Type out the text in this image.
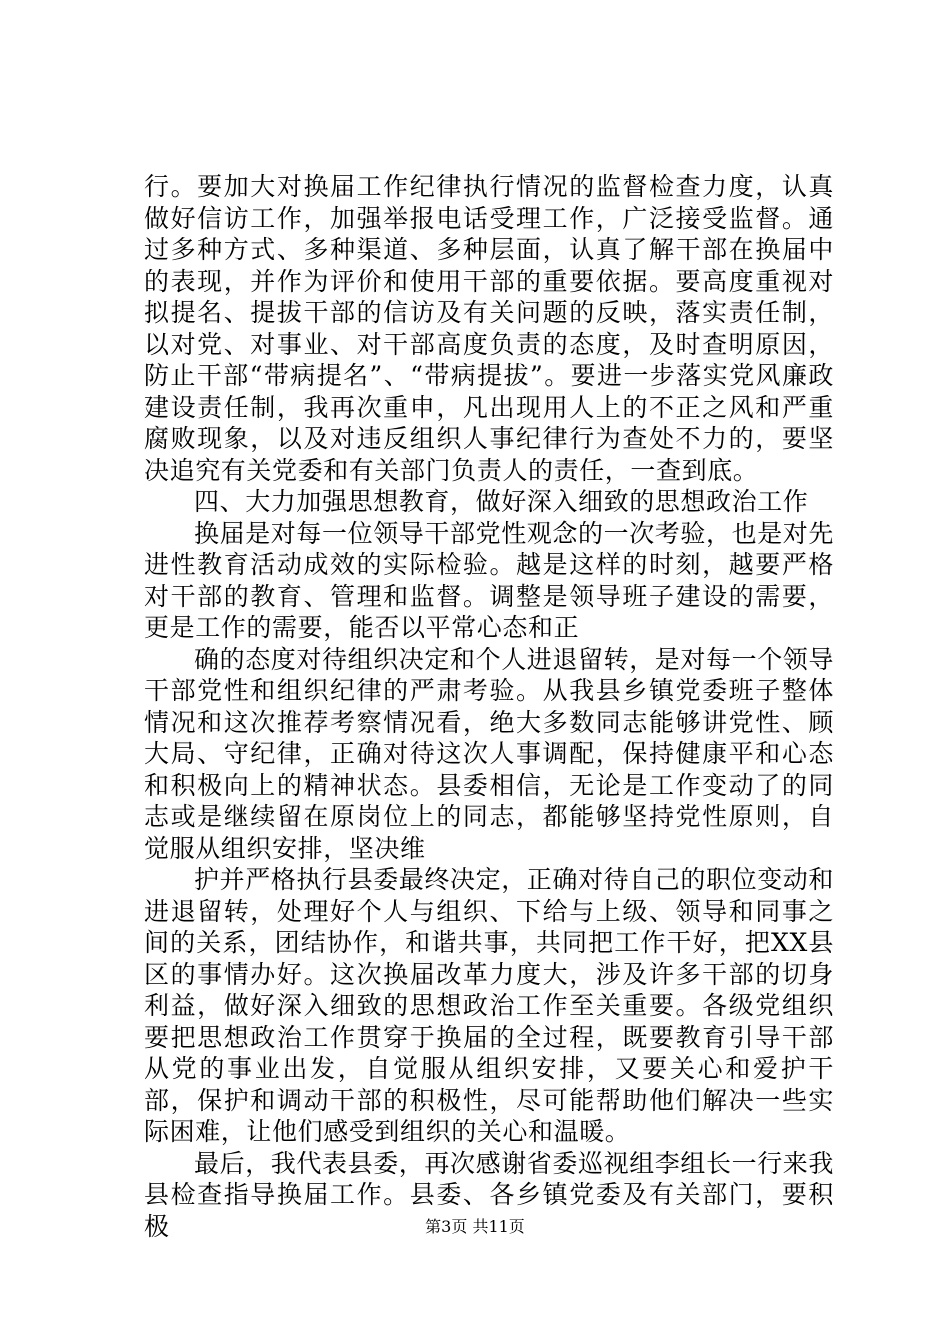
行。要加大对换届工作纪律执行情况的监督检查力度，认真做好信访工作，加强举报电话受理工作，广泛接受监督。通过多种方式、多种渠道、多种层面，认真了解干部在换届中的表现，并作为评价和使用干部的重要依据。要高度重视对拟提名、提拔干部的信访及有关问题的反映，落实责任制，以对党、对事业、对干部高度负责的态度，及时查明原因，防止干部“带病提名”、“带病提拔”。要进一步落实党风廉政建设责任制，我再次重申，凡出现用人上的不正之风和严重腐败现象，以及对违反组织人事纪律行为查处不力的，要坚决追究有关党委和有关部门负责人的责任，一查到底。

四、大力加强思想教育，做好深入细致的思想政治工作

换届是对每一位领导干部党性观念的一次考验，也是对先进性教育活动成效的实际检验。越是这样的时刻，越要严格对干部的教育、管理和监督。调整是领导班子建设的需要，更是工作的需要，能否以平常心态和正

确的态度对待组织决定和个人进退留转，是对每一个领导干部党性和组织纪律的严肃考验。从我县乡镇党委班子整体情况和这次推荐考察情况看，绝大多数同志能够讲党性、顾大局、守纪律，正确对待这次人事调配，保持健康平和心态和积极向上的精神状态。县委相信，无论是工作变动了的同志或是继续留在原岗位上的同志，都能够坚持党性原则，自觉服从组织安排，坚决维

护并严格执行县委最终决定，正确对待自己的职位变动和进退留转，处理好个人与组织、下给与上级、领导和同事之间的关系，团结协作，和谐共事，共同把工作干好，把XX县区的事情办好。这次换届改革力度大，涉及许多干部的切身利益，做好深入细致的思想政治工作至关重要。各级党组织要把思想政治工作贯穿于换届的全过程，既要教育引导干部从党的事业出发，自觉服从组织安排，又要关心和爱护干部，保护和调动干部的积极性，尽可能帮助他们解决一些实际困难，让他们感受到组织的关心和温暖。

最后，我代表县委，再次感谢省委巡视组李组长一行来我县检查指导换届工作。县委、各乡镇党委及有关部门，要积极	第3页 共11页
